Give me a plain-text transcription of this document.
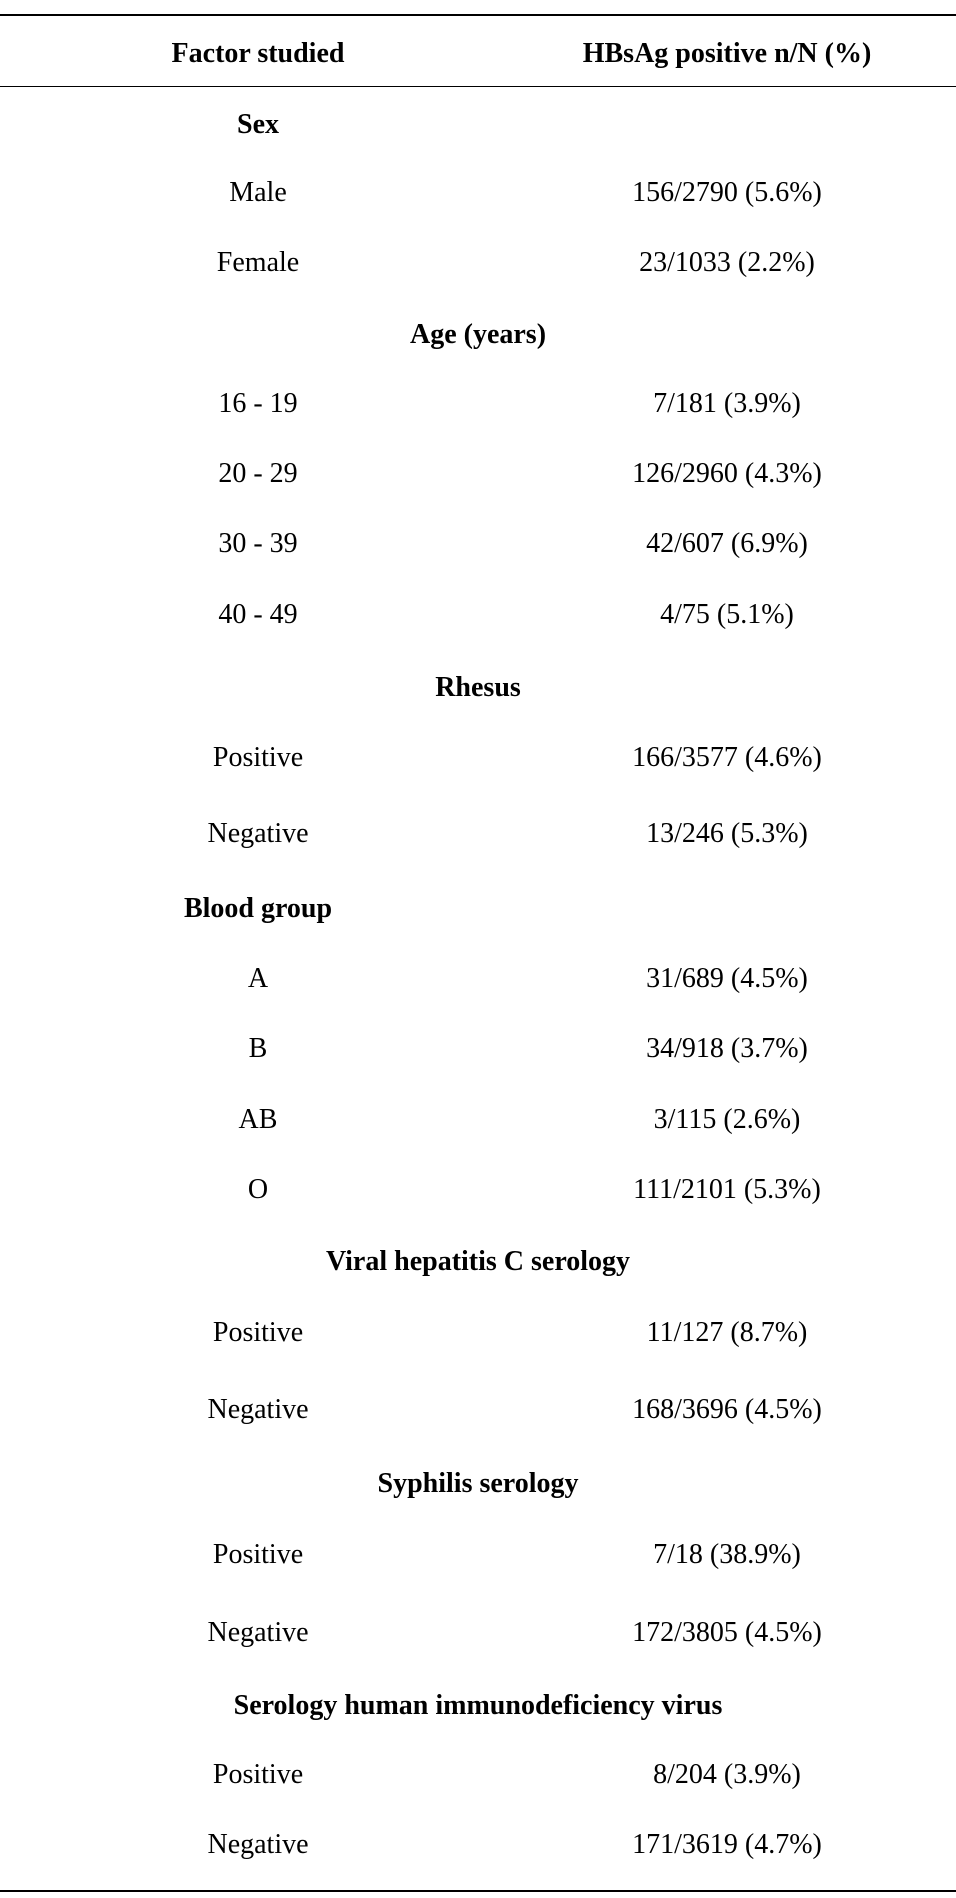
Factor studied	HBsAg positive n/N (%)
Sex
Male	156/2790 (5.6%)
Female	23/1033 (2.2%)
Age (years)
16 - 19	7/181 (3.9%)
20 - 29	126/2960 (4.3%)
30 - 39	42/607 (6.9%)
40 - 49	4/75 (5.1%)
Rhesus
Positive	166/3577 (4.6%)
Negative	13/246 (5.3%)
Blood group
A	31/689 (4.5%)
B	34/918 (3.7%)
AB	3/115 (2.6%)
O	111/2101 (5.3%)
Viral hepatitis C serology
Positive	11/127 (8.7%)
Negative	168/3696 (4.5%)
Syphilis serology
Positive	7/18 (38.9%)
Negative	172/3805 (4.5%)
Serology human immunodeficiency virus
Positive	8/204 (3.9%)
Negative	171/3619 (4.7%)
